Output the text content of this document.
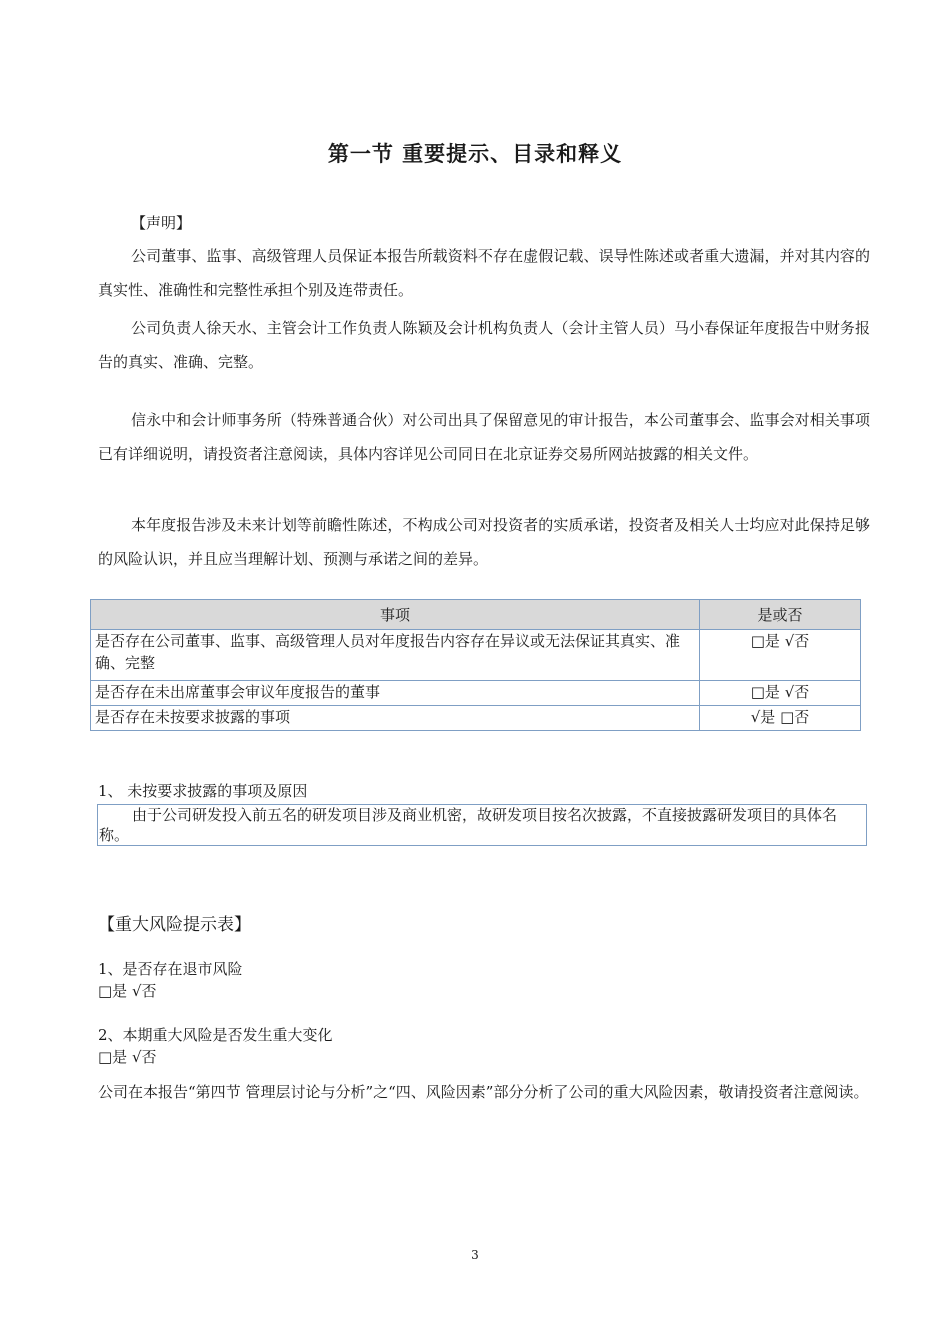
第一节 重要提示、目录和释义
【声明】
公司董事、监事、高级管理人员保证本报告所载资料不存在虚假记载、误导性陈述或者重大遗漏，并对其内容的真实性、准确性和完整性承担个别及连带责任。
公司负责人徐天水、主管会计工作负责人陈颖及会计机构负责人（会计主管人员）马小春保证年度报告中财务报告的真实、准确、完整。
信永中和会计师事务所（特殊普通合伙）对公司出具了保留意见的审计报告，本公司董事会、监事会对相关事项已有详细说明，请投资者注意阅读，具体内容详见公司同日在北京证券交易所网站披露的相关文件。
本年度报告涉及未来计划等前瞻性陈述，不构成公司对投资者的实质承诺，投资者及相关人士均应对此保持足够的风险认识，并且应当理解计划、预测与承诺之间的差异。
事项	是或否
是否存在公司董事、监事、高级管理人员对年度报告内容存在异议或无法保证其真实、准确、完整	□是 √否
是否存在未出席董事会审议年度报告的董事	□是 √否
是否存在未按要求披露的事项	√是 □否
1、 未按要求披露的事项及原因
由于公司研发投入前五名的研发项目涉及商业机密，故研发项目按名次披露，不直接披露研发项目的具体名称。
【重大风险提示表】
1、是否存在退市风险
□是 √否
2、本期重大风险是否发生重大变化
□是 √否
公司在本报告“第四节 管理层讨论与分析”之“四、风险因素”部分分析了公司的重大风险因素，敬请投资者注意阅读。
3
